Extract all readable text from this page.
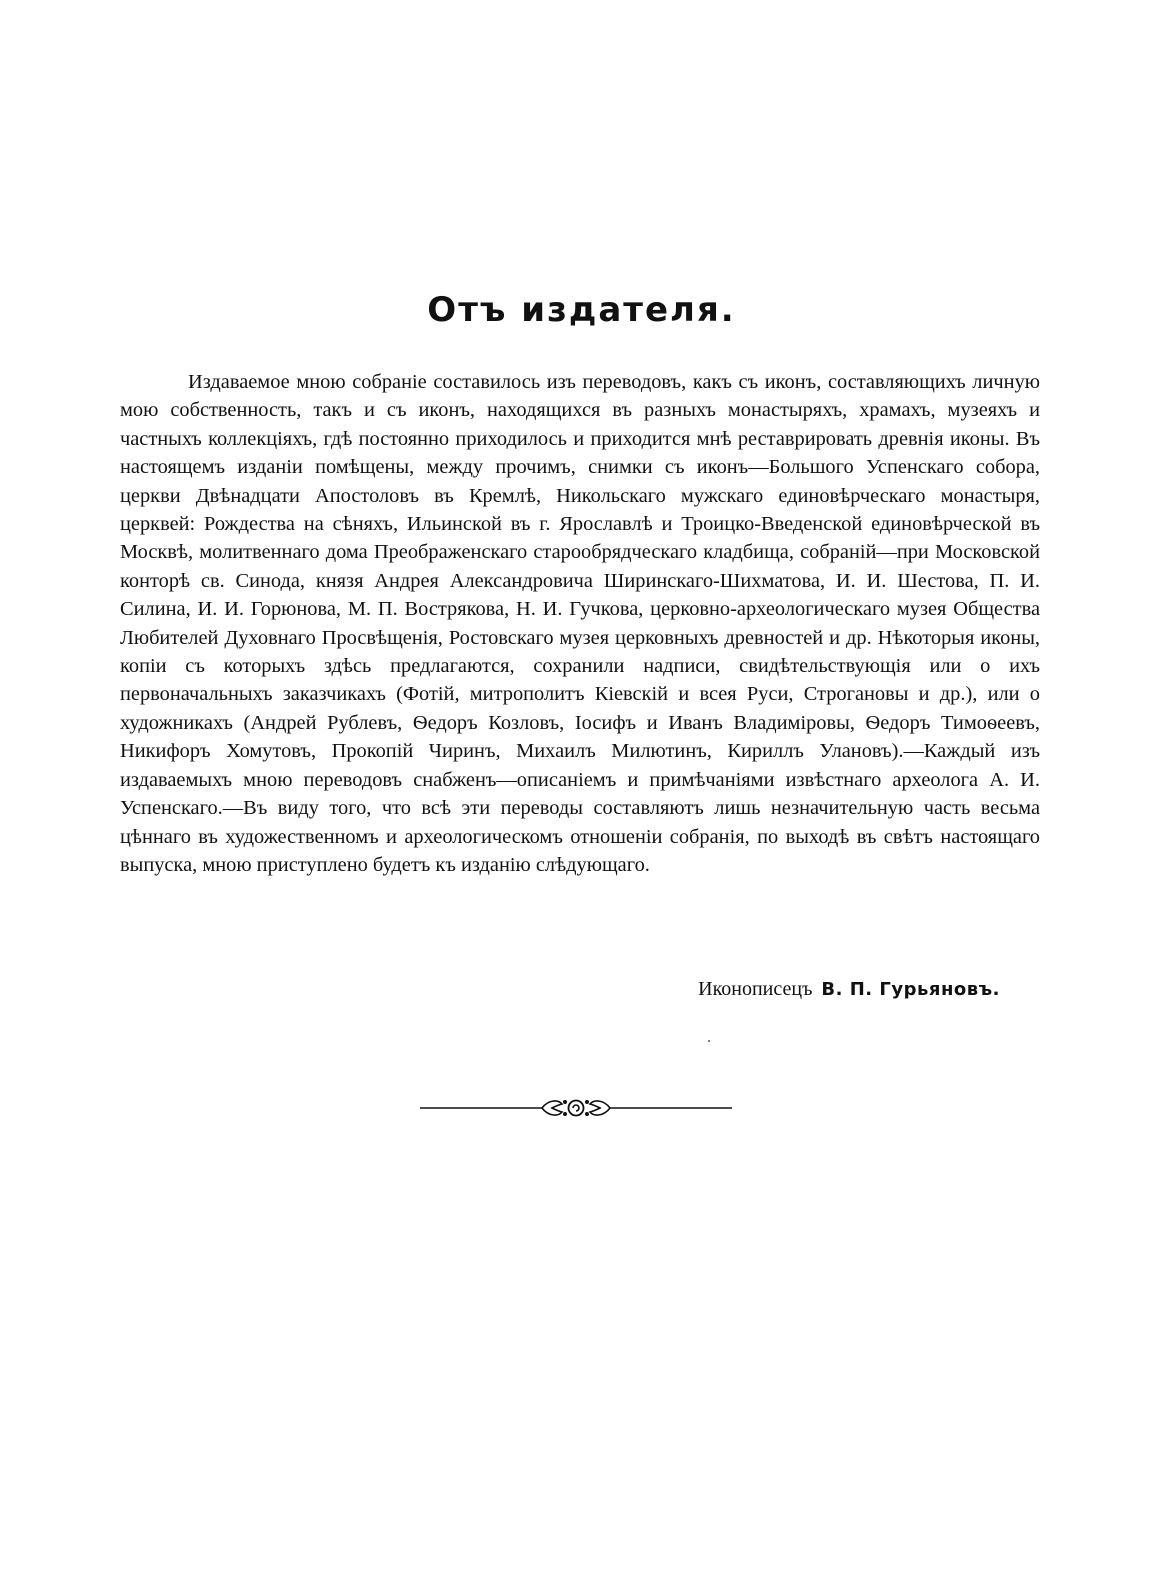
Отъ издателя.

Издаваемое мною собраніе составилось изъ переводовъ, какъ съ иконъ, составляющихъ личную мою собственность, такъ и съ иконъ, находящихся въ разныхъ монастыряхъ, храмахъ, музеяхъ и частныхъ коллекціяхъ, гдѣ постоянно приходилось и приходится мнѣ реставрировать древнія иконы. Въ настоящемъ изданіи помѣщены, между прочимъ, снимки съ иконъ—Большого Успенскаго собора, церкви Двѣнадцати Апостоловъ въ Кремлѣ, Никольскаго мужскаго единовѣрческаго монастыря, церквей: Рождества на сѣняхъ, Ильинской въ г. Ярославлѣ и Троицко-Введенской единовѣрческой въ Москвѣ, молитвеннаго дома Преображенскаго старообрядческаго кладбища, собраній—при Московской конторѣ св. Синода, князя Андрея Александровича Ширинскаго-Шихматова, И. И. Шестова, П. И. Силина, И. И. Горюнова, М. П. Вострякова, Н. И. Гучкова, церковно-археологическаго музея Общества Любителей Духовнаго Просвѣщенія, Ростовскаго музея церковныхъ древностей и др. Нѣкоторыя иконы, копіи съ которыхъ здѣсь предлагаются, сохранили надписи, свидѣтельствующія или о ихъ первоначальныхъ заказчикахъ (Фотій, митрополитъ Кіевскій и всея Руси, Строгановы и др.), или о художникахъ (Андрей Рублевъ, Ѳедоръ Козловъ, Іосифъ и Иванъ Владиміровы, Ѳедоръ Тимоѳеевъ, Никифоръ Хомутовъ, Прокопій Чиринъ, Михаилъ Милютинъ, Кириллъ Улановъ).—Каждый изъ издаваемыхъ мною переводовъ снабженъ—описаніемъ и примѣчаніями извѣстнаго археолога А. И. Успенскаго.—Въ виду того, что всѣ эти переводы составляютъ лишь незначительную часть весьма цѣннаго въ художественномъ и археологическомъ отношеніи собранія, по выходѣ въ свѣтъ настоящаго выпуска, мною приступлено будетъ къ изданію слѣдующаго.

Иконописецъ В. П. Гурьяновъ.
